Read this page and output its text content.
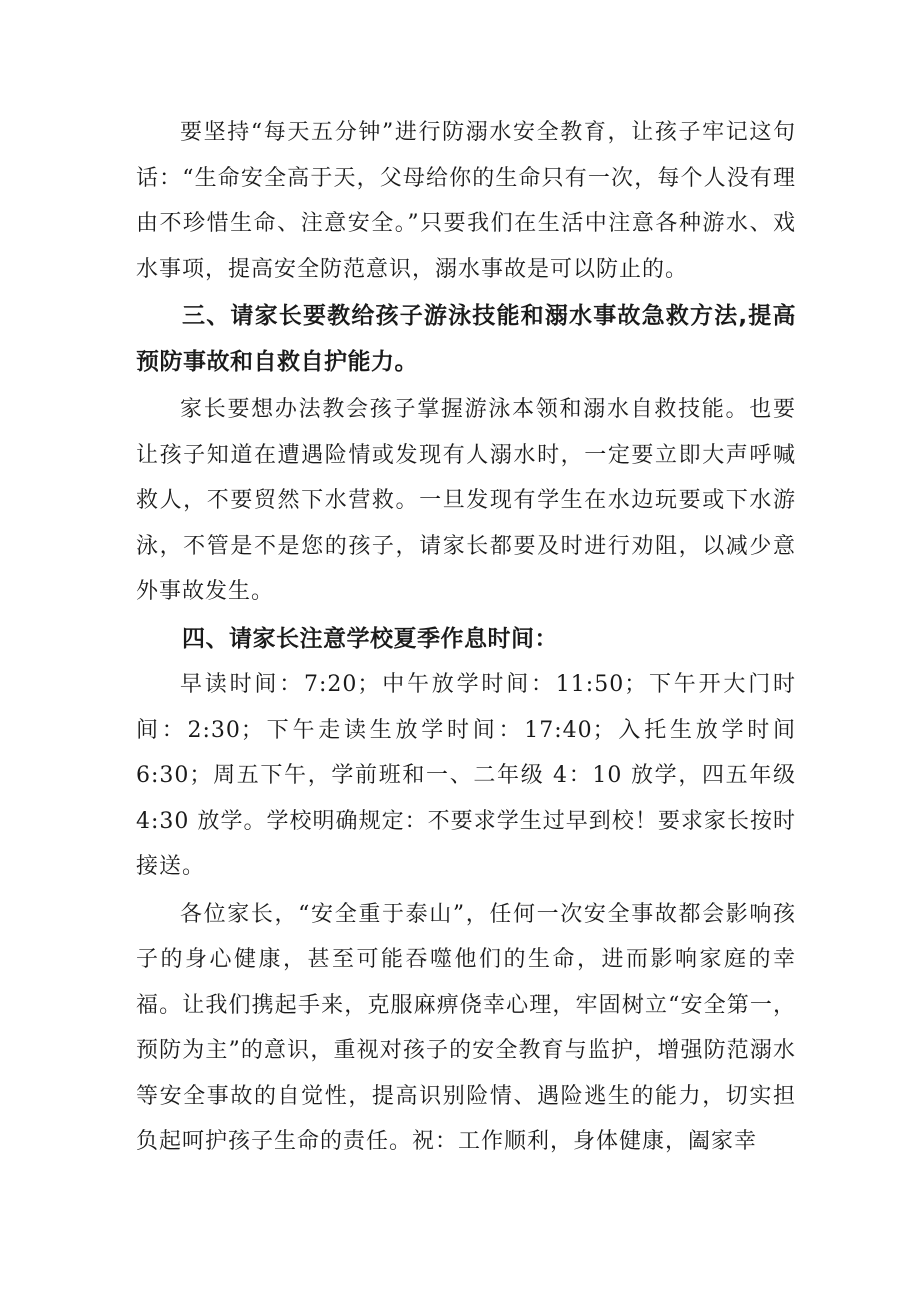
要坚持“每天五分钟”进行防溺水安全教育，让孩子牢记这句话：“生命安全高于天，父母给你的生命只有一次，每个人没有理由不珍惜生命、注意安全。”只要我们在生活中注意各种游水、戏水事项，提高安全防范意识，溺水事故是可以防止的。

三、请家长要教给孩子游泳技能和溺水事故急救方法,提高预防事故和自救自护能力。

家长要想办法教会孩子掌握游泳本领和溺水自救技能。也要让孩子知道在遭遇险情或发现有人溺水时，一定要立即大声呼喊救人，不要贸然下水营救。一旦发现有学生在水边玩要或下水游泳，不管是不是您的孩子，请家长都要及时进行劝阻，以减少意外事故发生。

四、请家长注意学校夏季作息时间：

早读时间：7:20；中午放学时间：11:50；下午开大门时间：2:30；下午走读生放学时间：17:40；入托生放学时间 6:30；周五下午，学前班和一、二年级 4：10 放学，四五年级 4:30 放学。学校明确规定：不要求学生过早到校！要求家长按时接送。

各位家长，“安全重于泰山”，任何一次安全事故都会影响孩子的身心健康，甚至可能吞噬他们的生命，进而影响家庭的幸福。让我们携起手来，克服麻痹侥幸心理，牢固树立“安全第一，预防为主”的意识，重视对孩子的安全教育与监护，增强防范溺水等安全事故的自觉性，提高识别险情、遇险逃生的能力，切实担负起呵护孩子生命的责任。祝：工作顺利，身体健康，阖家幸
